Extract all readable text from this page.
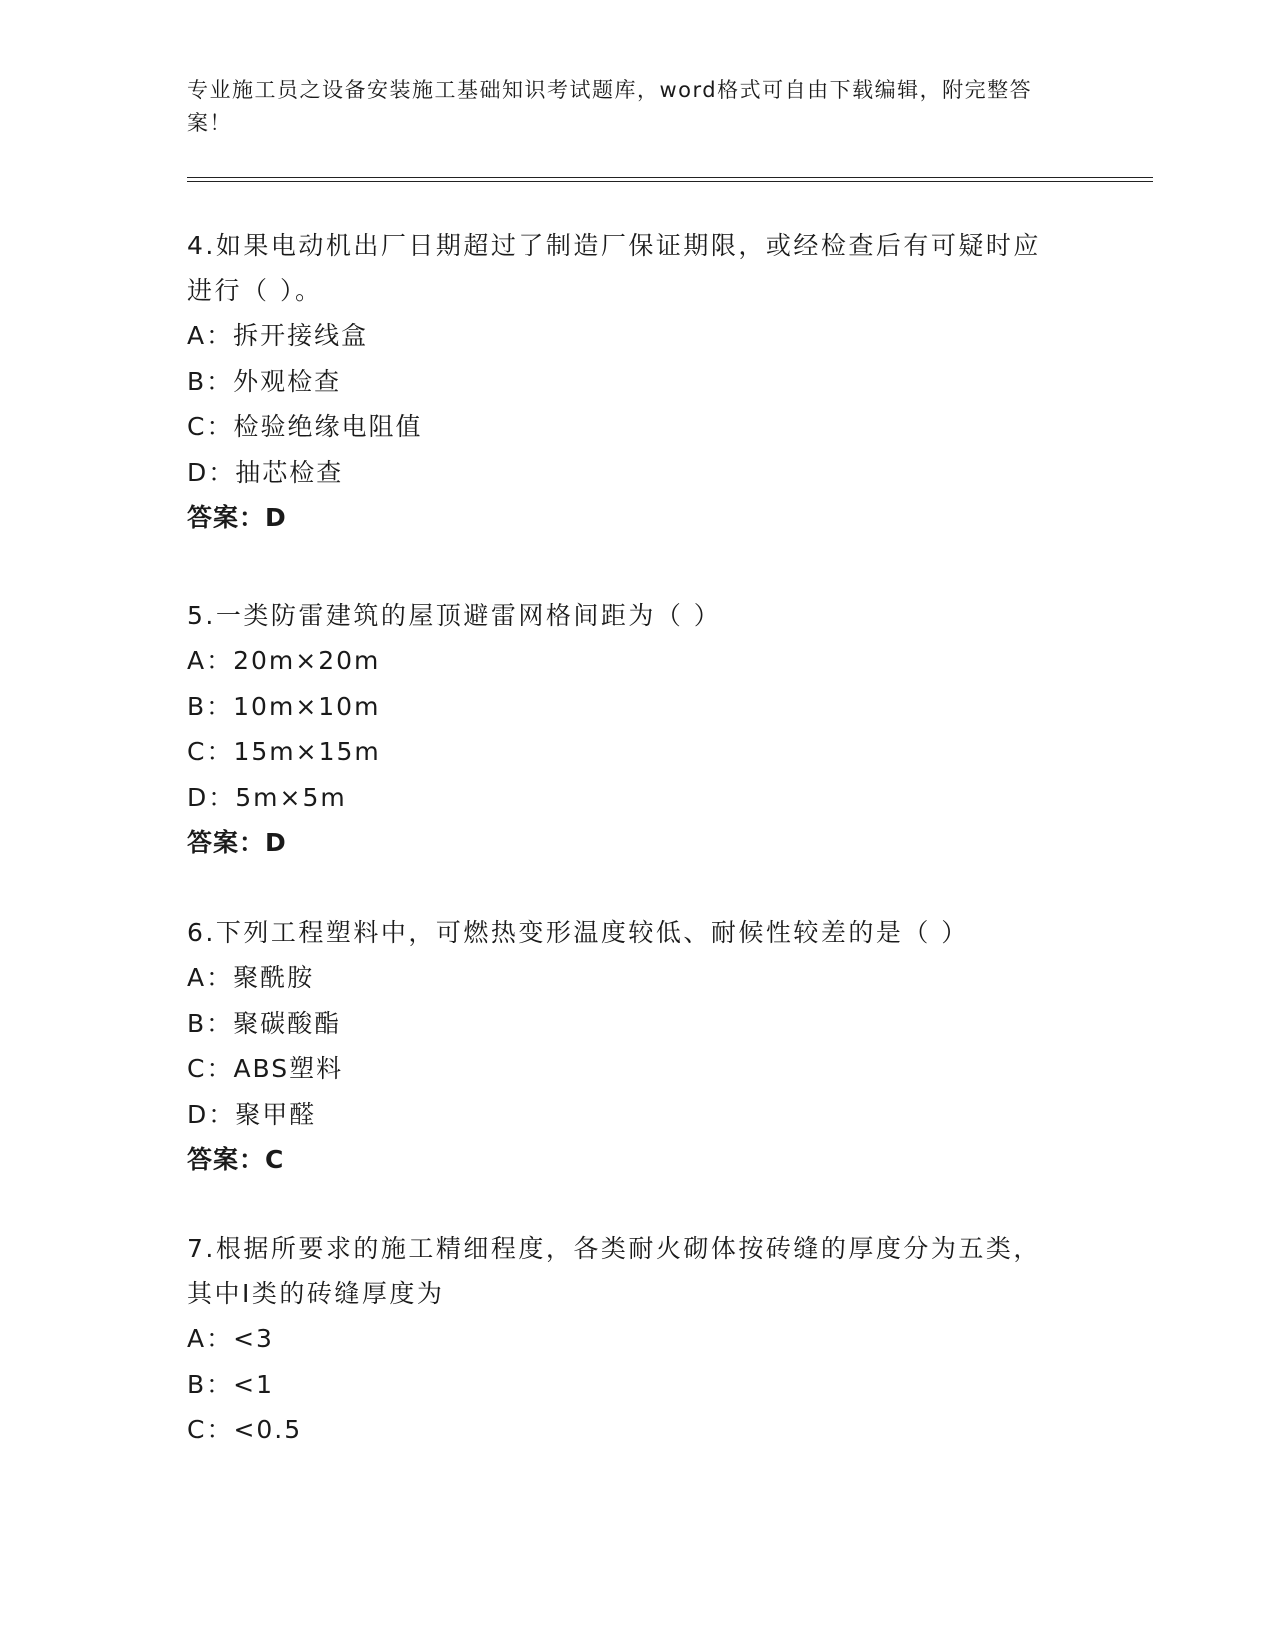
专业施工员之设备安装施工基础知识考试题库，word格式可自由下载编辑，附完整答案！

4.如果电动机出厂日期超过了制造厂保证期限，或经检查后有可疑时应进行（ ）。

A：拆开接线盒

B：外观检查

C：检验绝缘电阻值

D：抽芯检查

答案：D

5.一类防雷建筑的屋顶避雷网格间距为（ ）

A：20m×20m

B：10m×10m

C：15m×15m

D：5m×5m

答案：D

6.下列工程塑料中，可燃热变形温度较低、耐候性较差的是（ ）

A：聚酰胺

B：聚碳酸酯

C：ABS塑料

D：聚甲醛

答案：C

7.根据所要求的施工精细程度，各类耐火砌体按砖缝的厚度分为五类，其中I类的砖缝厚度为

A：<3

B：<1

C：<0.5
